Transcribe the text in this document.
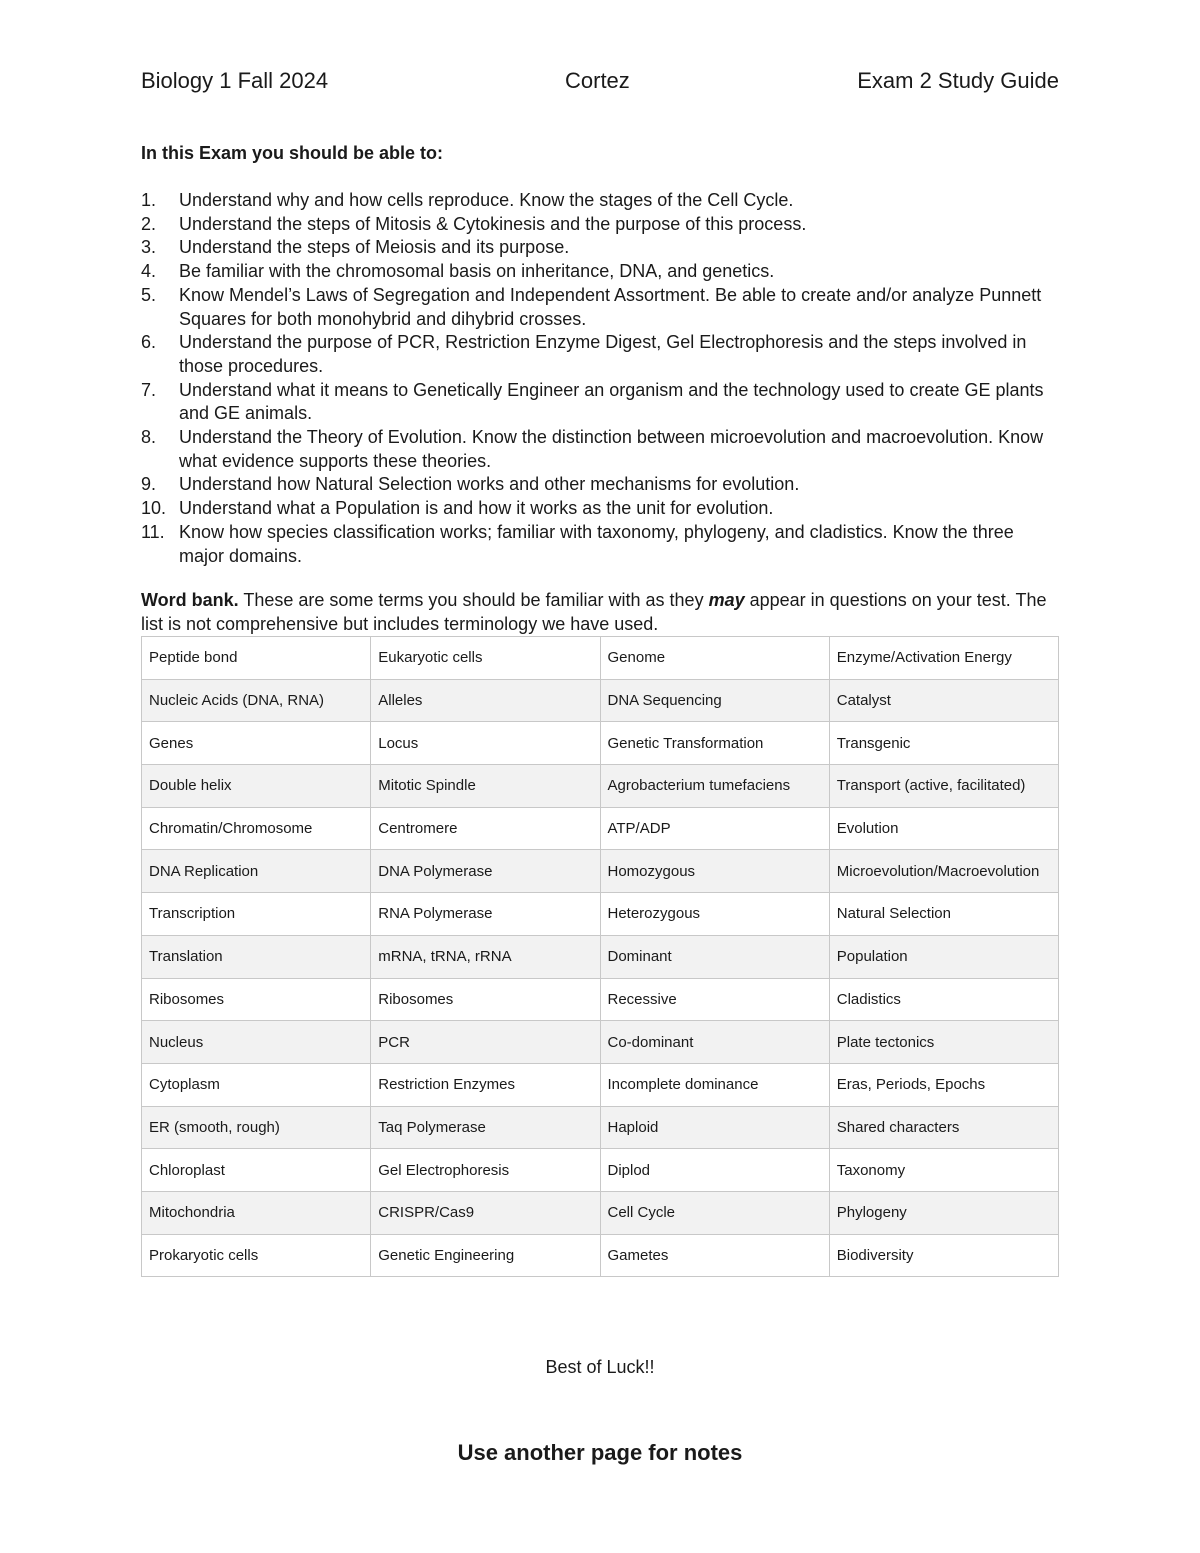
Biology 1 Fall 2024	Cortez	Exam 2 Study Guide
In this Exam you should be able to:
1. Understand why and how cells reproduce. Know the stages of the Cell Cycle.
2. Understand the steps of Mitosis & Cytokinesis and the purpose of this process.
3. Understand the steps of Meiosis and its purpose.
4. Be familiar with the chromosomal basis on inheritance, DNA, and genetics.
5. Know Mendel’s Laws of Segregation and Independent Assortment. Be able to create and/or analyze Punnett Squares for both monohybrid and dihybrid crosses.
6. Understand the purpose of PCR, Restriction Enzyme Digest, Gel Electrophoresis and the steps involved in those procedures.
7. Understand what it means to Genetically Engineer an organism and the technology used to create GE plants and GE animals.
8. Understand the Theory of Evolution. Know the distinction between microevolution and macroevolution. Know what evidence supports these theories.
9. Understand how Natural Selection works and other mechanisms for evolution.
10. Understand what a Population is and how it works as the unit for evolution.
11. Know how species classification works; familiar with taxonomy, phylogeny, and cladistics. Know the three major domains.
Word bank. These are some terms you should be familiar with as they may appear in questions on your test. The list is not comprehensive but includes terminology we have used.
Peptide bond	Eukaryotic cells	Genome	Enzyme/Activation Energy
Nucleic Acids (DNA, RNA)	Alleles	DNA Sequencing	Catalyst
Genes	Locus	Genetic Transformation	Transgenic
Double helix	Mitotic Spindle	Agrobacterium tumefaciens	Transport (active, facilitated)
Chromatin/Chromosome	Centromere	ATP/ADP	Evolution
DNA Replication	DNA Polymerase	Homozygous	Microevolution/Macroevolution
Transcription	RNA Polymerase	Heterozygous	Natural Selection
Translation	mRNA, tRNA, rRNA	Dominant	Population
Ribosomes	Ribosomes	Recessive	Cladistics
Nucleus	PCR	Co-dominant	Plate tectonics
Cytoplasm	Restriction Enzymes	Incomplete dominance	Eras, Periods, Epochs
ER (smooth, rough)	Taq Polymerase	Haploid	Shared characters
Chloroplast	Gel Electrophoresis	Diplod	Taxonomy
Mitochondria	CRISPR/Cas9	Cell Cycle	Phylogeny
Prokaryotic cells	Genetic Engineering	Gametes	Biodiversity
Best of Luck!!
Use another page for notes
